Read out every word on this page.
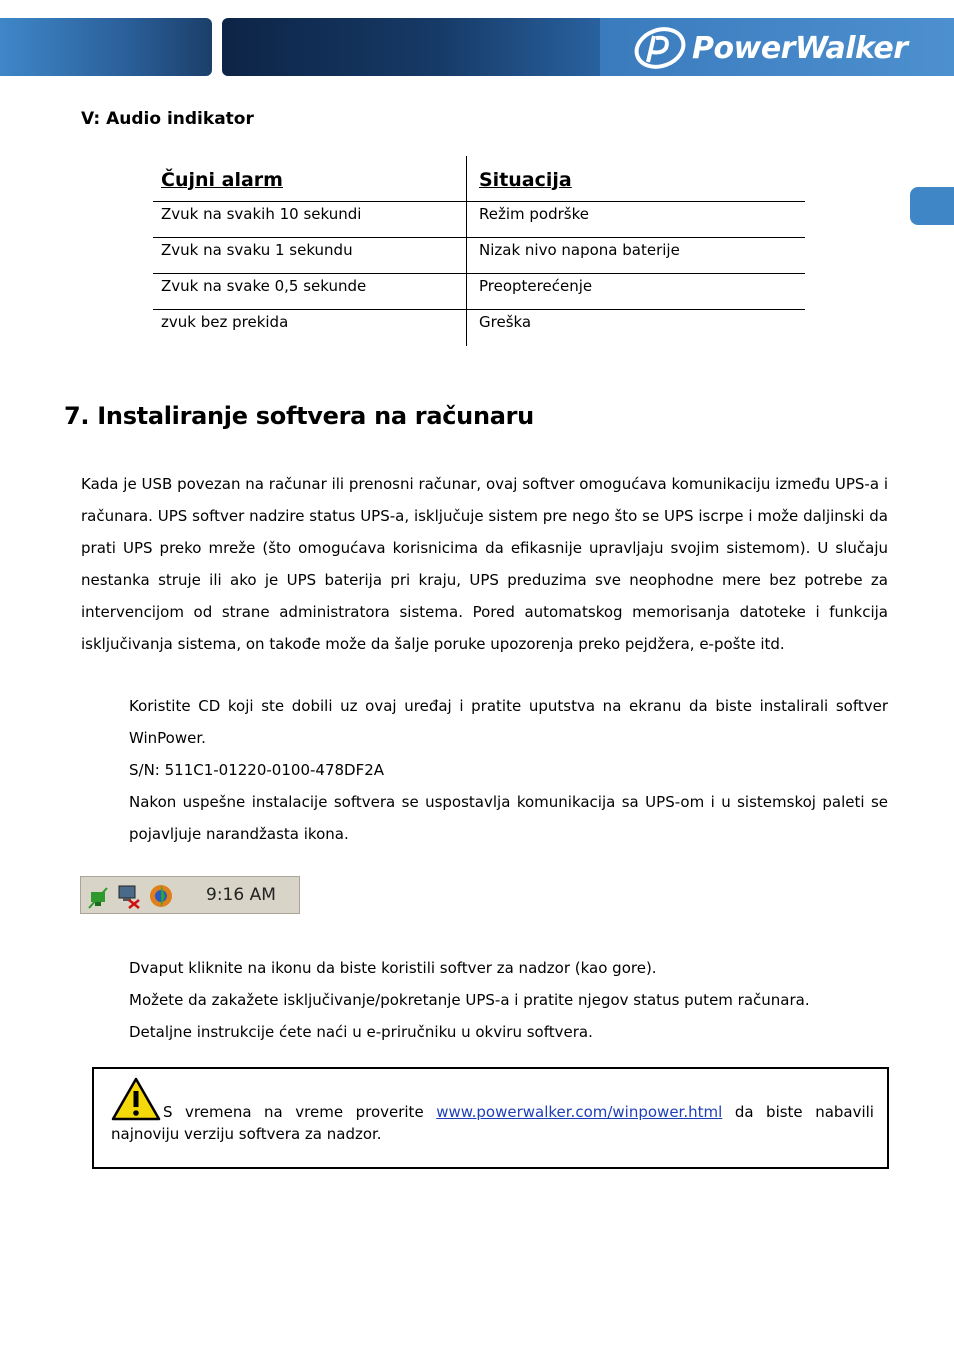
PowerWalker
V: Audio indikator
Čujni alarm	Situacija
Zvuk na svakih 10 sekundi	Režim podrške
Zvuk na svaku 1 sekundu	Nizak nivo napona baterije
Zvuk na svake 0,5 sekunde	Preopterećenje
zvuk bez prekida	Greška
7. Instaliranje softvera na računaru

Kada je USB povezan na računar ili prenosni računar, ovaj softver omogućava komunikaciju između UPS-a i računara. UPS softver nadzire status UPS-a, isključuje sistem pre nego što se UPS iscrpe i može daljinski da prati UPS preko mreže (što omogućava korisnicima da efikasnije upravljaju svojim sistemom). U slučaju nestanka struje ili ako je UPS baterija pri kraju, UPS preduzima sve neophodne mere bez potrebe za intervencijom od strane administratora sistema. Pored automatskog memorisanja datoteke i funkcija isključivanja sistema, on takođe može da šalje poruke upozorenja preko pejdžera, e-pošte itd.

Koristite CD koji ste dobili uz ovaj uređaj i pratite uputstva na ekranu da biste instalirali softver WinPower.

S/N: 511C1-01220-0100-478DF2A

Nakon uspešne instalacije softvera se uspostavlja komunikacija sa UPS-om i u sistemskoj paleti se pojavljuje narandžasta ikona.

9:16 AM

Dvaput kliknite na ikonu da biste koristili softver za nadzor (kao gore).

Možete da zakažete isključivanje/pokretanje UPS-a i pratite njegov status putem računara.

Detaljne instrukcije ćete naći u e-priručniku u okviru softvera.

S vremena na vreme proverite www.powerwalker.com/winpower.html da biste nabavili najnoviju verziju softvera za nadzor.
